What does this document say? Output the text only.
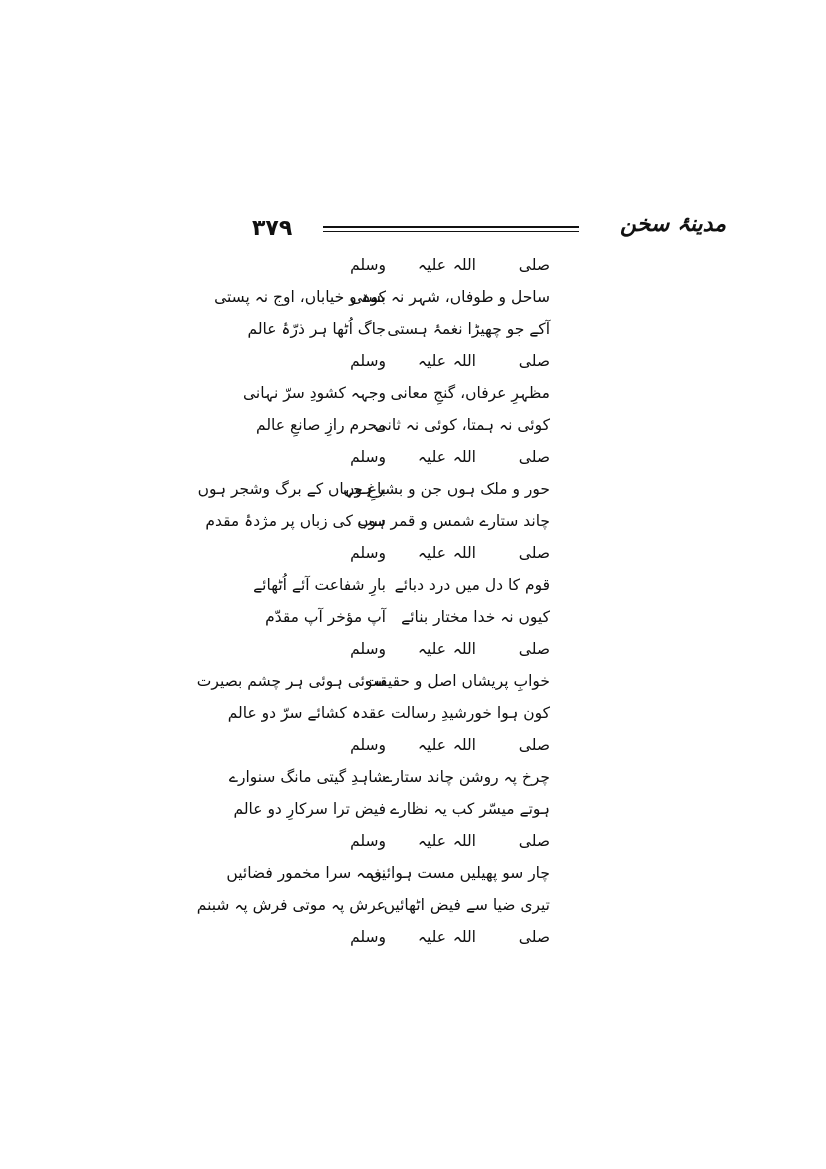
۳۷۹	مدینۂ سخن
صلی
اللہ
علیہ
وسلم
ساحل و طوفاں، شہر نہ بستی
کوہ و خیاباں، اوج نہ پستی
آکے جو چھیڑا نغمۂ ہستی
جاگ اُٹھا ہر ذرّۂ عالم
صلی
اللہ
علیہ
وسلم
مظہرِ عرفاں، گنجِ معانی
وجہہ کشودِ سرّ نہانی
کوئی نہ ہمتا، کوئی نہ ثانی
محرم رازِ صانعِ عالم
صلی
اللہ
علیہ
وسلم
حور و ملک ہوں جن و بشر ہوں
باغِ جہاں کے برگ وشجر ہوں
چاند ستارے شمس و قمر ہوں
سب کی زباں پر مژدۂ مقدم
صلی
اللہ
علیہ
وسلم
قوم کا دل میں درد دبائے
بارِ شفاعت آئے اُٹھائے
کیوں نہ خدا مختار بنائے
آپ مؤخر آپ مقدّم
صلی
اللہ
علیہ
وسلم
خوابِ پریشاں اصل و حقیقت
سوئی ہوئی ہر چشم بصیرت
کون ہوا خورشیدِ رسالت
عقدہ کشائے سرّ دو عالم
صلی
اللہ
علیہ
وسلم
چرخ پہ روشن چاند ستارے
شاہدِ گیتی مانگ سنوارے
ہوتے میسّر کب یہ نظارے
فیض ترا سرکارِ دو عالم
صلی
اللہ
علیہ
وسلم
چار سو پھیلیں مست ہوائیں
نغمہ سرا مخمور فضائیں
تیری ضیا سے فیض اٹھائیں
عرش پہ موتی فرش پہ شبنم
صلی
اللہ
علیہ
وسلم
